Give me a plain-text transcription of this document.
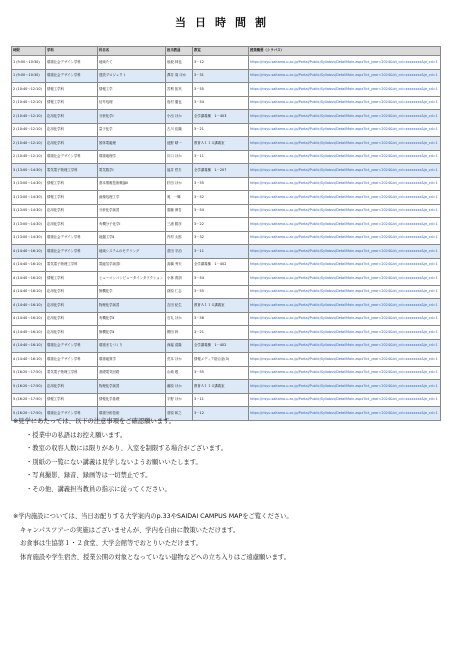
当日時間割
時限	学科	科目名	担当教員	教室	授業概要（シラバス）
1 (9:00～10:30)	環境社会デザイン学科	地域たて	坂坂 林也	3－12	https://risyu.saitama-u.ac.jp/Portal/Public/Syllabus/DetailMain.aspx?lct_year=2024&lct_cd=xxxxxxxx&je_cd=1
1 (9:00～10:30)	環境社会デザイン学科	建設プロジェクト	澤井 周 ほか	3－31	https://risyu.saitama-u.ac.jp/Portal/Public/Syllabus/DetailMain.aspx?lct_year=2024&lct_cd=xxxxxxxx&je_cd=1
2 (10:40～12:10)	情報工学科	情報工学	宮利 拓実	3－55	https://risyu.saitama-u.ac.jp/Portal/Public/Syllabus/DetailMain.aspx?lct_year=2024&lct_cd=xxxxxxxx&je_cd=1
2 (10:40～12:10)	情報工学科	信号処理	島村 徹也	3－54	https://risyu.saitama-u.ac.jp/Portal/Public/Syllabus/DetailMain.aspx?lct_year=2024&lct_cd=xxxxxxxx&je_cd=1
2 (10:40～12:10)	応用化学科	分析化学Ⅰ	小出 ほか	全学講義棟　1－403	https://risyu.saitama-u.ac.jp/Portal/Public/Syllabus/DetailMain.aspx?lct_year=2024&lct_cd=xxxxxxxx&je_cd=1
2 (10:40～12:10)	応用化学科	量子化学	古川 佳織	3－21	https://risyu.saitama-u.ac.jp/Portal/Public/Syllabus/DetailMain.aspx?lct_year=2024&lct_cd=xxxxxxxx&je_cd=1
2 (10:40～12:10)	応用化学科	固体電磁理	池野 晴一	教育Ａ１１４講義室	https://risyu.saitama-u.ac.jp/Portal/Public/Syllabus/DetailMain.aspx?lct_year=2024&lct_cd=xxxxxxxx&je_cd=1
2 (10:40～12:10)	環境社会デザイン学科	環境地理学	川口 ほか	3－11	https://risyu.saitama-u.ac.jp/Portal/Public/Syllabus/DetailMain.aspx?lct_year=2024&lct_cd=xxxxxxxx&je_cd=1
3 (13:00～14:30)	電気電子物理工学科	電気数学Ⅰ	福井 哲夫	全学講義棟　1－207	https://risyu.saitama-u.ac.jp/Portal/Public/Syllabus/DetailMain.aspx?lct_year=2024&lct_cd=xxxxxxxx&je_cd=1
3 (13:00～14:30)	情報工学科	基本情報技術概論Ⅱ	杉田 ほか	3－55	https://risyu.saitama-u.ac.jp/Portal/Public/Syllabus/DetailMain.aspx?lct_year=2024&lct_cd=xxxxxxxx&je_cd=1
3 (13:00～14:30)	情報工学科	画像処理工学	奥　一輝	3－52	https://risyu.saitama-u.ac.jp/Portal/Public/Syllabus/DetailMain.aspx?lct_year=2024&lct_cd=xxxxxxxx&je_cd=1
3 (13:00～14:30)	応用化学科	分析化学演習	齋藤 伸吾	3－54	https://risyu.saitama-u.ac.jp/Portal/Public/Syllabus/DetailMain.aspx?lct_year=2024&lct_cd=xxxxxxxx&je_cd=1
3 (13:00～14:30)	応用化学科	有機分子化学Ⅰ	三浦 勝彦	3－22	https://risyu.saitama-u.ac.jp/Portal/Public/Syllabus/DetailMain.aspx?lct_year=2024&lct_cd=xxxxxxxx&je_cd=1
3 (13:00～14:30)	環境社会デザイン学科	地盤工学Ⅱ	内村 太郎	3－32	https://risyu.saitama-u.ac.jp/Portal/Public/Syllabus/DetailMain.aspx?lct_year=2024&lct_cd=xxxxxxxx&je_cd=1
4 (14:40～16:10)	環境社会デザイン学科	地域システムのモデリング	倉田 平治	3－11	https://risyu.saitama-u.ac.jp/Portal/Public/Syllabus/DetailMain.aspx?lct_year=2024&lct_cd=xxxxxxxx&je_cd=1
4 (14:40～16:10)	電気電子物理工学科	電磁気学演習Ⅰ	高橋 秀夫	全学講義棟　1－402	https://risyu.saitama-u.ac.jp/Portal/Public/Syllabus/DetailMain.aspx?lct_year=2024&lct_cd=xxxxxxxx&je_cd=1
4 (14:40～16:10)	情報工学科	ヒューマンコンピュータインタラクション	小林 貴訓	3－54	https://risyu.saitama-u.ac.jp/Portal/Public/Syllabus/DetailMain.aspx?lct_year=2024&lct_cd=xxxxxxxx&je_cd=1
4 (14:40～16:10)	応用化学科	無機化学	荻原 仁志	3－55	https://risyu.saitama-u.ac.jp/Portal/Public/Syllabus/DetailMain.aspx?lct_year=2024&lct_cd=xxxxxxxx&je_cd=1
4 (14:40～16:10)	応用化学科	物理化学演習	吉田 紀生	教育Ａ１１４講義室	https://risyu.saitama-u.ac.jp/Portal/Public/Syllabus/DetailMain.aspx?lct_year=2024&lct_cd=xxxxxxxx&je_cd=1
4 (14:40～16:10)	応用化学科	有機化学Ⅱ	石丸 ほか	3－56	https://risyu.saitama-u.ac.jp/Portal/Public/Syllabus/DetailMain.aspx?lct_year=2024&lct_cd=xxxxxxxx&je_cd=1
4 (14:40～16:10)	応用化学科	無機化学Ⅱ	柳田 幹	3－21	https://risyu.saitama-u.ac.jp/Portal/Public/Syllabus/DetailMain.aspx?lct_year=2024&lct_cd=xxxxxxxx&je_cd=1
4 (14:40～16:10)	環境社会デザイン学科	環境まちづくり	深堀 清隆	全学講義棟　1－402	https://risyu.saitama-u.ac.jp/Portal/Public/Syllabus/DetailMain.aspx?lct_year=2024&lct_cd=xxxxxxxx&je_cd=1
4 (14:40～16:10)	環境社会デザイン学科	環境地質学	荒本 ほか	情報メディア総合室(3)	https://risyu.saitama-u.ac.jp/Portal/Public/Syllabus/DetailMain.aspx?lct_year=2024&lct_cd=xxxxxxxx&je_cd=1
5 (16:20～17:50)	電気電子物理工学科	基礎電気回路	山崎 敬	3－55	https://risyu.saitama-u.ac.jp/Portal/Public/Syllabus/DetailMain.aspx?lct_year=2024&lct_cd=xxxxxxxx&je_cd=1
5 (16:20～17:50)	応用化学科	物理化学演習	藤原 ほか	教育Ａ１１４講義室	https://risyu.saitama-u.ac.jp/Portal/Public/Syllabus/DetailMain.aspx?lct_year=2024&lct_cd=xxxxxxxx&je_cd=1
5 (16:20～17:50)	情報工学科	情報化学基礎	宇野 ほか	3－11	https://risyu.saitama-u.ac.jp/Portal/Public/Syllabus/DetailMain.aspx?lct_year=2024&lct_cd=xxxxxxxx&je_cd=1
5 (16:20～17:50)	環境社会デザイン学科	環境分析技術	菅原 和之	3－12	https://risyu.saitama-u.ac.jp/Portal/Public/Syllabus/DetailMain.aspx?lct_year=2024&lct_cd=xxxxxxxx&je_cd=1
※見学にあたっては、以下の注意事項をご確認願います。
・授業中の私語はお控え願います。
・教室の収容人数には限りがあり、入室を制限する場合がございます。
・別紙の一覧にない講義は見学しないようお願いいたします。
・写真撮影、録音、録画等は一切禁止です。
・その他、講義担当教員の指示に従ってください。
※学内施設については、当日お配りする大学案内のp.33やSAIDAI CAMPUS MAPをご覧ください。
キャンパスツアーの実施はございませんが、学内を自由に散策いただけます。
お食事は生協第１・２食堂、大学会館等でおとりいただけます。
体育施設や学生宿舎、授業公開の対象となっていない建物などへの立ち入りはご遠慮願います。
